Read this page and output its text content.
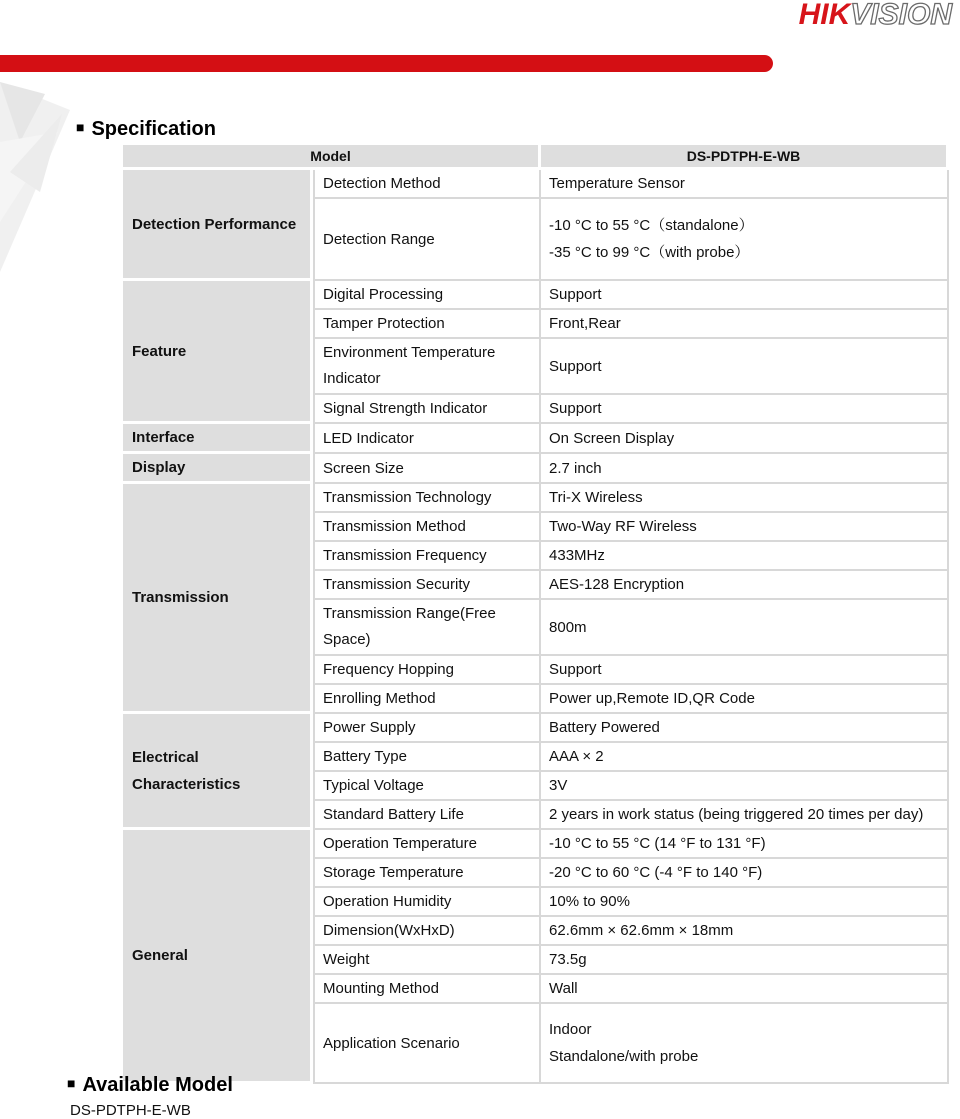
HIKVISION
■ Specification
Model		DS-PDTPH-E-WB
Detection Performance	Detection Method	Temperature Sensor

	Detection Range	-10 °C to 55 °C（standalone）
-35 °C to 99 °C（with probe）

Feature	Digital Processing	Support

	Tamper Protection	Front,Rear

	Environment Temperature Indicator	Support

	Signal Strength Indicator	Support

Interface	LED Indicator	On Screen Display

Display	Screen Size	2.7 inch

Transmission	Transmission Technology	Tri-X Wireless

	Transmission Method	Two-Way RF Wireless

	Transmission Frequency	433MHz

	Transmission Security	AES-128 Encryption

	Transmission Range(Free Space)	800m

	Frequency Hopping	Support

	Enrolling Method	Power up,Remote ID,QR Code

Electrical Characteristics	Power Supply	Battery Powered

	Battery Type	AAA × 2

	Typical Voltage	3V

	Standard Battery Life	2 years in work status (being triggered 20 times per day)

General	Operation Temperature	-10 °C to 55 °C (14 °F to 131 °F)

	Storage Temperature	-20 °C to 60 °C (-4 °F to 140 °F)

	Operation Humidity	10% to 90%

	Dimension(WxHxD)	62.6mm × 62.6mm × 18mm

	Weight	73.5g

	Mounting Method	Wall

	Application Scenario	Indoor
Standalone/with probe
■ Available Model
DS-PDTPH-E-WB
